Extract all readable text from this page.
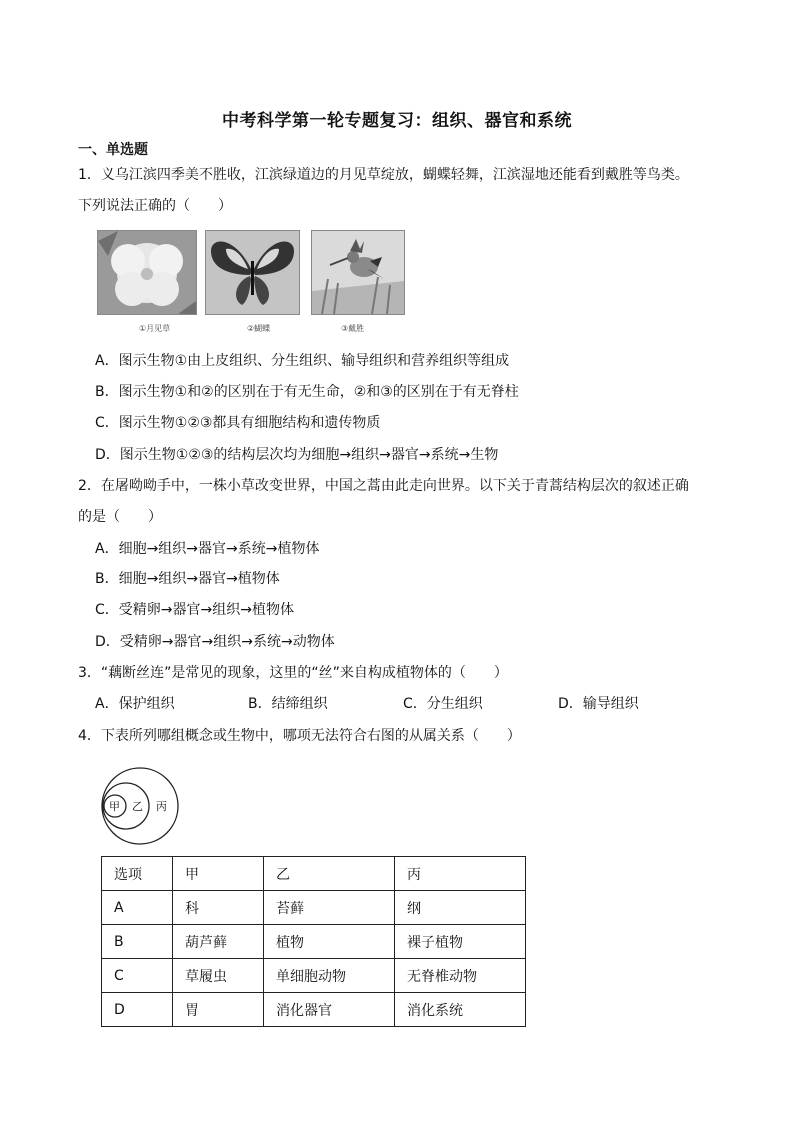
中考科学第一轮专题复习：组织、器官和系统
一、单选题
1．义乌江滨四季美不胜收，江滨绿道边的月见草绽放，蝴蝶轻舞，江滨湿地还能看到戴胜等鸟类。
下列说法正确的（　　）
①月见草	②蝴蝶	③戴胜
A．图示生物①由上皮组织、分生组织、输导组织和营养组织等组成
B．图示生物①和②的区别在于有无生命，②和③的区别在于有无脊柱
C．图示生物①②③都具有细胞结构和遗传物质
D．图示生物①②③的结构层次均为细胞→组织→器官→系统→生物
2．在屠呦呦手中，一株小草改变世界，中国之蒿由此走向世界。以下关于青蒿结构层次的叙述正确
的是（　　）
A．细胞→组织→器官→系统→植物体
B．细胞→组织→器官→植物体
C．受精卵→器官→组织→植物体
D．受精卵→器官→组织→系统→动物体
3．“藕断丝连”是常见的现象，这里的“丝”来自构成植物体的（　　）
A．保护组织	B．结缔组织	C．分生组织	D．输导组织
4．下表所列哪组概念或生物中，哪项无法符合右图的从属关系（　　）
甲 乙 丙
选项	甲	乙	丙
A	科	苔藓	纲
B	葫芦藓	植物	裸子植物
C	草履虫	单细胞动物	无脊椎动物
D	胃	消化器官	消化系统
